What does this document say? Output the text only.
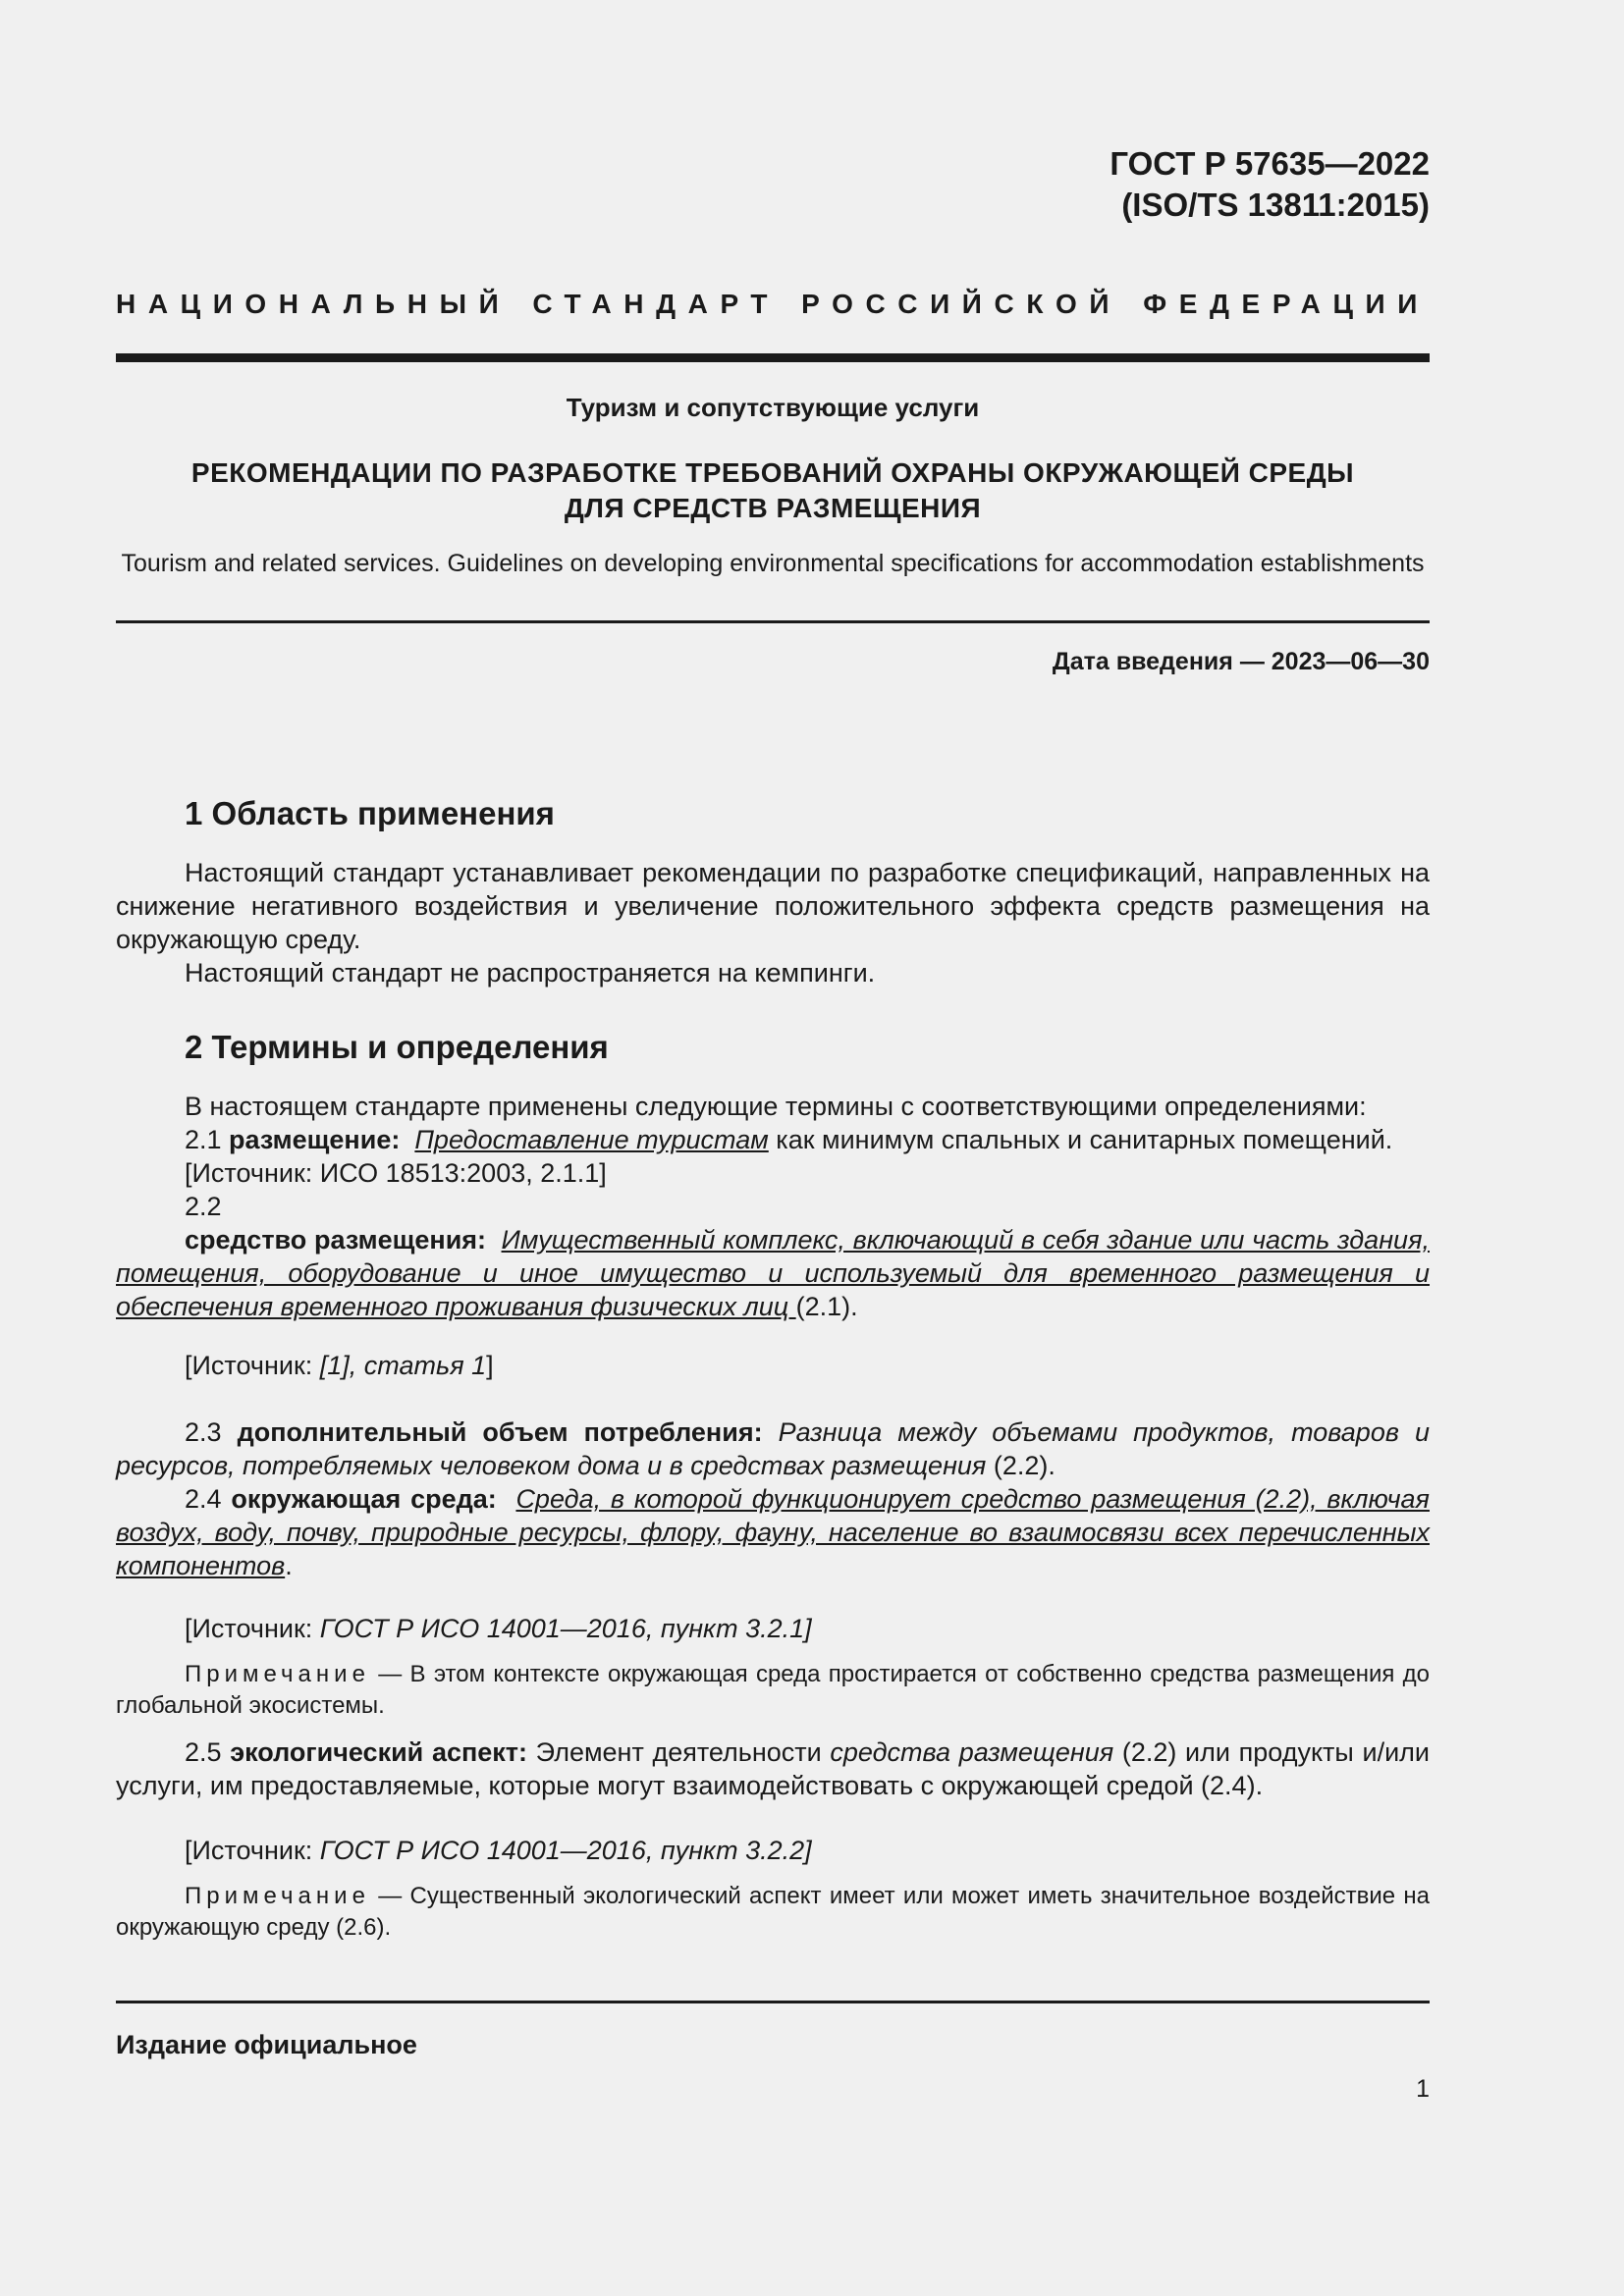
ГОСТ Р 57635—2022
(ISO/TS 13811:2015)
НАЦИОНАЛЬНЫЙ СТАНДАРТ РОССИЙСКОЙ ФЕДЕРАЦИИ
Туризм и сопутствующие услуги
РЕКОМЕНДАЦИИ ПО РАЗРАБОТКЕ ТРЕБОВАНИЙ ОХРАНЫ ОКРУЖАЮЩЕЙ СРЕДЫ
ДЛЯ СРЕДСТВ РАЗМЕЩЕНИЯ
Tourism and related services. Guidelines on developing environmental specifications for accommodation establishments
Дата введения — 2023—06—30
1 Область применения
Настоящий стандарт устанавливает рекомендации по разработке спецификаций, направленных на снижение негативного воздействия и увеличение положительного эффекта средств размещения на окружающую среду.
Настоящий стандарт не распространяется на кемпинги.
2 Термины и определения
В настоящем стандарте применены следующие термины с соответствующими определениями:
2.1 размещение: Предоставление туристам как минимум спальных и санитарных помещений.
[Источник: ИСО 18513:2003, 2.1.1]
2.2
средство размещения: Имущественный комплекс, включающий в себя здание или часть здания, помещения, оборудование и иное имущество и используемый для временного размещения и обеспечения временного проживания физических лиц (2.1).
[Источник: [1], статья 1]
2.3 дополнительный объем потребления: Разница между объемами продуктов, товаров и ресурсов, потребляемых человеком дома и в средствах размещения (2.2).
2.4 окружающая среда: Среда, в которой функционирует средство размещения (2.2), включая воздух, воду, почву, природные ресурсы, флору, фауну, население во взаимосвязи всех перечисленных компонентов.
[Источник: ГОСТ Р ИСО 14001—2016, пункт 3.2.1]
Примечание — В этом контексте окружающая среда простирается от собственно средства размещения до глобальной экосистемы.
2.5 экологический аспект: Элемент деятельности средства размещения (2.2) или продукты и/или услуги, им предоставляемые, которые могут взаимодействовать с окружающей средой (2.4).
[Источник: ГОСТ Р ИСО 14001—2016, пункт 3.2.2]
Примечание — Существенный экологический аспект имеет или может иметь значительное воздействие на окружающую среду (2.6).
Издание официальное
1
